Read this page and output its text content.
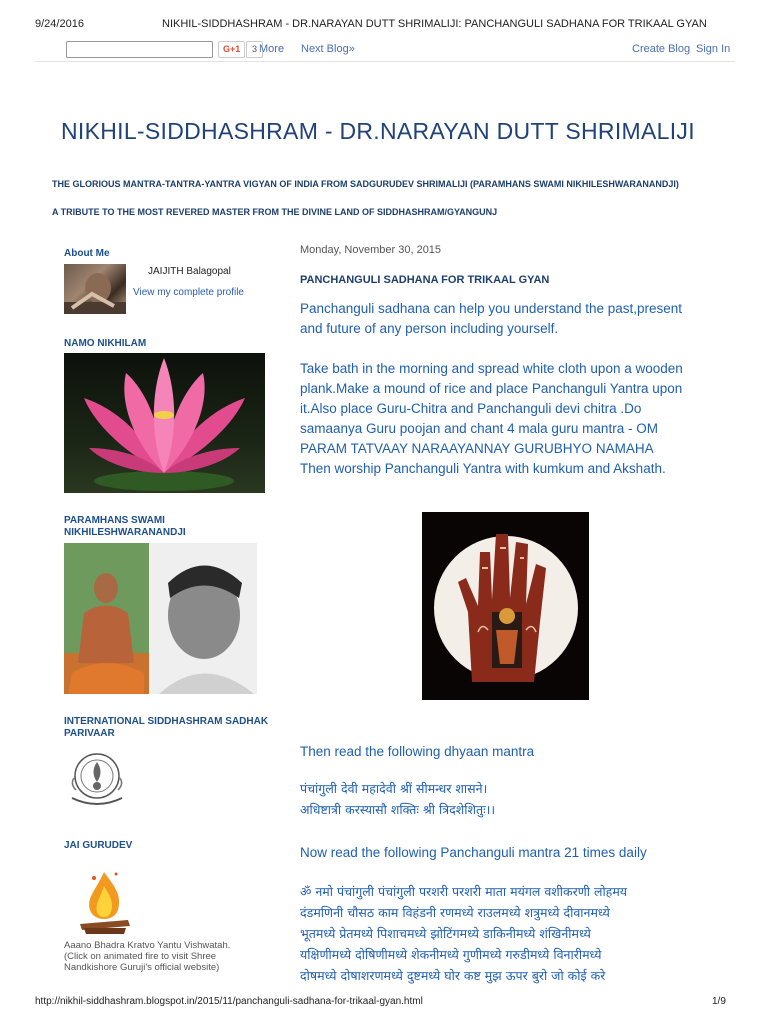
9/24/2016	NIKHIL-SIDDHASHRAM - DR.NARAYAN DUTT SHRIMALIJI: PANCHANGULI SADHANA FOR TRIKAAL GYAN
G+1	3 More Next Blog»	Create Blog Sign In
NIKHIL-SIDDHASHRAM - DR.NARAYAN DUTT SHRIMALIJI
THE GLORIOUS MANTRA-TANTRA-YANTRA VIGYAN OF INDIA FROM SADGURUDEV SHRIMALIJI (PARAMHANS SWAMI NIKHILESHWARANANDJI)
A TRIBUTE TO THE MOST REVERED MASTER FROM THE DIVINE LAND OF SIDDHASHRAM/GYANGUNJ
About Me
JAIJITH Balagopal
View my complete profile
NAMO NIKHILAM
PARAMHANS SWAMI
NIKHILESHWARANANDJI
INTERNATIONAL SIDDHASHRAM SADHAK
PARIVAAR
JAI GURUDEV
Aaano Bhadra Kratvo Yantu Vishwatah.
(Click on animated fire to visit Shree
Nandkishore Guruji's official website)
Monday, November 30, 2015
PANCHANGULI SADHANA FOR TRIKAAL GYAN
Panchanguli sadhana can help you understand the past,present
and future of any person including yourself.
Take bath in the morning and spread white cloth upon a wooden
plank.Make a mound of rice and place Panchanguli Yantra upon
it.Also place Guru-Chitra and Panchanguli devi chitra .Do
samaanya Guru poojan and chant 4 mala guru mantra - OM
PARAM TATVAAY NARAAYANNAY GURUBHYO NAMAHA
Then worship Panchanguli Yantra with kumkum and Akshath.
Then read the following dhyaan mantra
पंचांगुली देवी महादेवी श्रीं सीमन्धर शासने।
अधिष्टात्री करस्यासौ शक्तिः श्री त्रिदशेशितुः।।
Now read the following Panchanguli mantra 21 times daily
ॐ नमो पंचांगुली पंचांगुली परशरी परशरी माता मयंगल वशीकरणी लोहमय
दंडमणिनी चौसठ काम विहंडनी रणमध्ये राउलमध्ये शत्रुमध्ये दीवानमध्ये
भूतमध्ये प्रेतमध्ये पिशाचमध्ये झोटिंगमध्ये डाकिनीमध्ये शंखिनीमध्ये
यक्षिणीमध्ये दोषिणीमध्ये शेकनीमध्ये गुणीमध्ये गरुडीमध्ये विनारीमध्ये
दोषमध्ये दोषाशरणमध्ये दुष्टमध्ये घोर कष्ट मुझ ऊपर बुरो जो कोई करे
http://nikhil-siddhashram.blogspot.in/2015/11/panchanguli-sadhana-for-trikaal-gyan.html	1/9
